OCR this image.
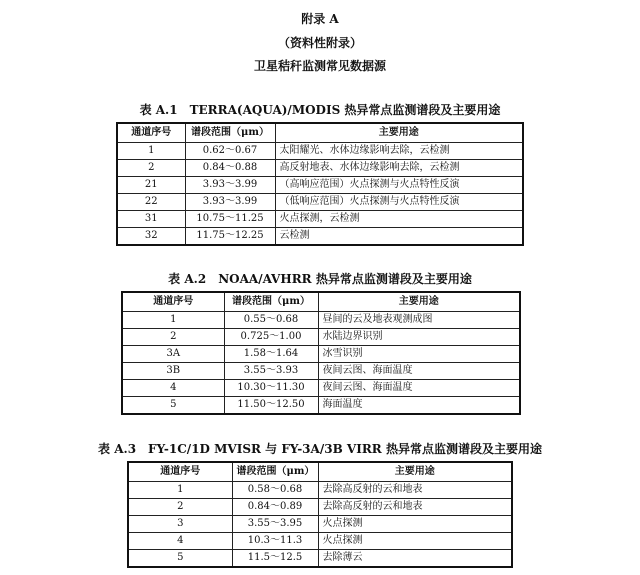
附录 A
（资料性附录）
卫星秸秆监测常见数据源
表 A.1　TERRA(AQUA)/MODIS 热异常点监测谱段及主要用途
通道序号	谱段范围（μm）	主要用途
1	0.62～0.67	太阳耀光、水体边缘影响去除，云检测
2	0.84～0.88	高反射地表、水体边缘影响去除，云检测
21	3.93～3.99	（高响应范围）火点探测与火点特性反演
22	3.93～3.99	（低响应范围）火点探测与火点特性反演
31	10.75～11.25	火点探测，云检测
32	11.75～12.25	云检测
表 A.2　NOAA/AVHRR 热异常点监测谱段及主要用途
通道序号	谱段范围（μm）	主要用途
1	0.55～0.68	昼间的云及地表观测成图
2	0.725～1.00	水陆边界识别
3A	1.58～1.64	冰雪识别
3B	3.55～3.93	夜间云图、海面温度
4	10.30～11.30	夜间云图、海面温度
5	11.50～12.50	海面温度
表 A.3　FY-1C/1D MVISR 与 FY-3A/3B VIRR 热异常点监测谱段及主要用途
通道序号	谱段范围（μm）	主要用途
1	0.58～0.68	去除高反射的云和地表
2	0.84～0.89	去除高反射的云和地表
3	3.55～3.95	火点探测
4	10.3～11.3	火点探测
5	11.5～12.5	去除薄云
